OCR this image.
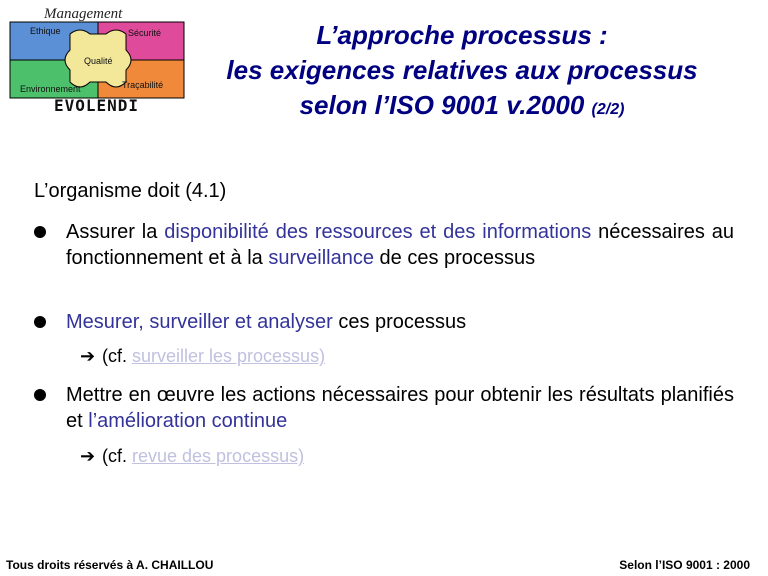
Management
Ethique	Sécurité
Qualité
Environnement	Traçabilité
EVOLENDI
L’approche processus :
les exigences relatives aux processus
selon l’ISO 9001 v.2000 (2/2)
L’organisme doit (4.1)
Assurer la disponibilité des ressources et des informations nécessaires au fonctionnement et à la surveillance de ces processus
Mesurer, surveiller et analyser ces processus
➔ (cf. surveiller les processus)
Mettre en œuvre les actions nécessaires pour obtenir les résultats planifiés et l’amélioration continue
➔ (cf. revue des processus)
Tous droits réservés à A. CHAILLOU	Selon l’ISO 9001 : 2000
